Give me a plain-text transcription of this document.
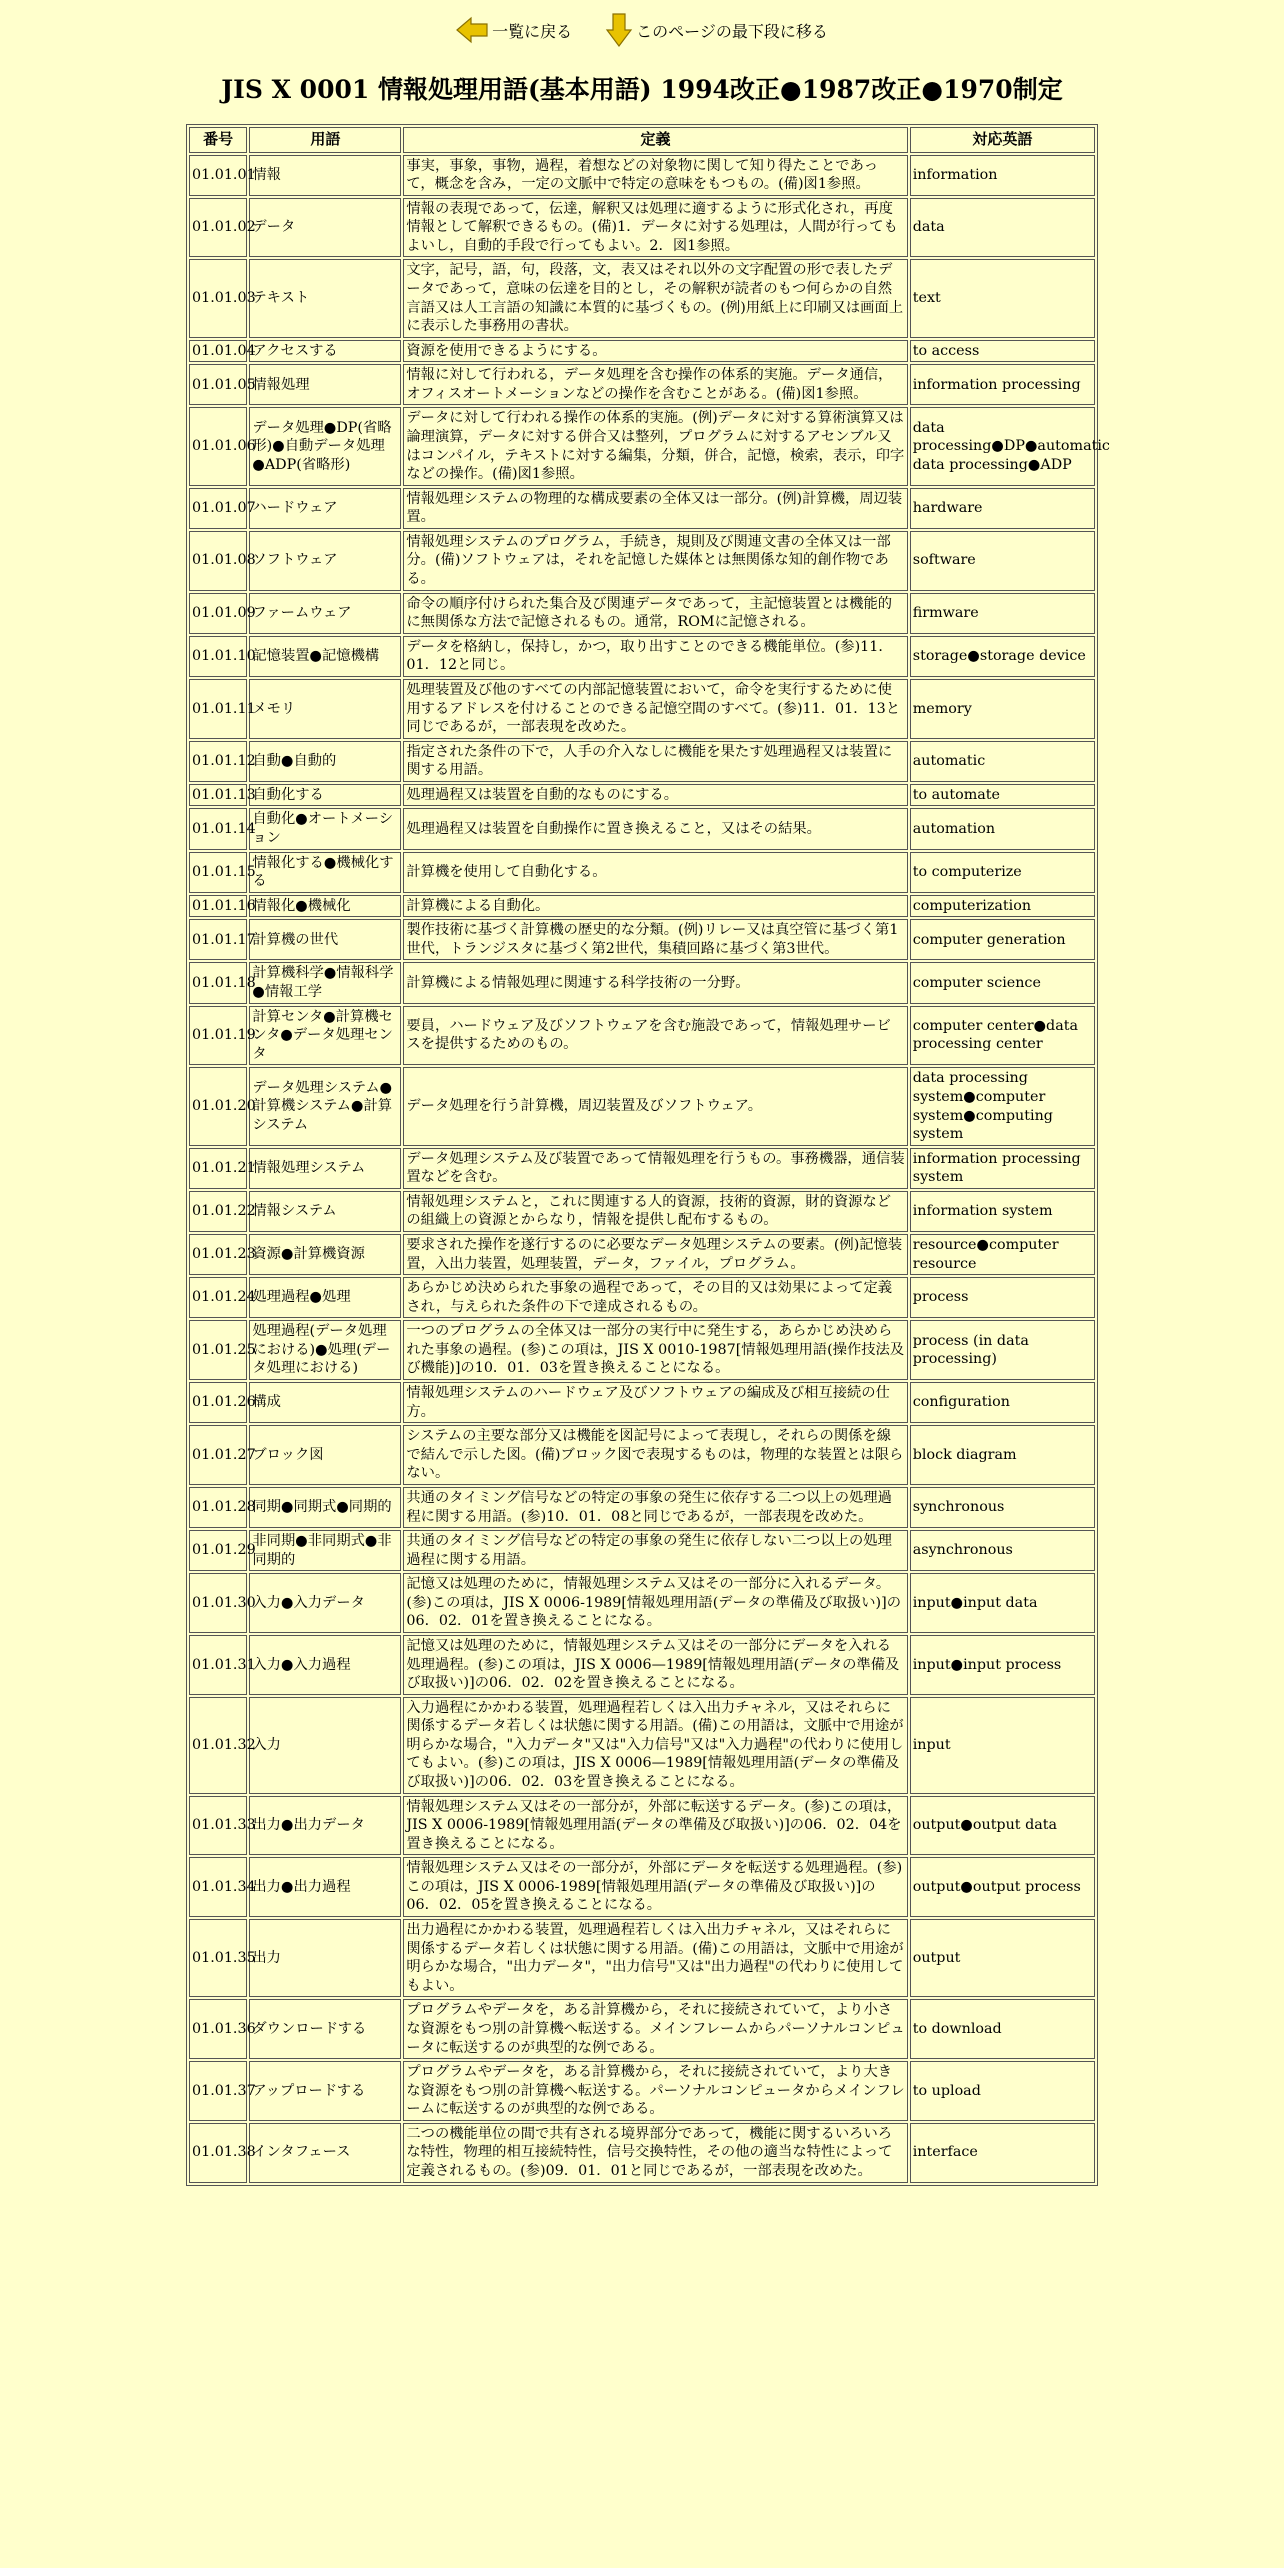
一覧に戻る	このページの最下段に移る
JIS X 0001 情報処理用語(基本用語) 1994改正●1987改正●1970制定
番号	用語	定義	対応英語
01.01.01	情報	事実，事象，事物，過程，着想などの対象物に関して知り得たことであって，概念を含み，一定の文脈中で特定の意味をもつもの。(備)図1参照。	information
01.01.02	データ	情報の表現であって，伝達，解釈又は処理に適するように形式化され，再度情報として解釈できるもの。(備)1．データに対する処理は，人間が行ってもよいし，自動的手段で行ってもよい。2．図1参照。	data
01.01.03	テキスト	文字，記号，語，句，段落，文，表又はそれ以外の文字配置の形で表したデータであって，意味の伝達を目的とし，その解釈が読者のもつ何らかの自然言語又は人工言語の知識に本質的に基づくもの。(例)用紙上に印刷又は画面上に表示した事務用の書状。	text
01.01.04	アクセスする	資源を使用できるようにする。	to access
01.01.05	情報処理	情報に対して行われる，データ処理を含む操作の体系的実施。データ通信，オフィスオートメーションなどの操作を含むことがある。(備)図1参照。	information processing
01.01.06	データ処理●DP(省略形)●自動データ処理●ADP(省略形)	データに対して行われる操作の体系的実施。(例)データに対する算術演算又は論理演算，データに対する併合又は整列，プログラムに対するアセンブル又はコンパイル，テキストに対する編集，分類，併合，記憶，検索，表示，印字などの操作。(備)図1参照。	data processing●DP●automatic data processing●ADP
01.01.07	ハードウェア	情報処理システムの物理的な構成要素の全体又は一部分。(例)計算機，周辺装置。	hardware
01.01.08	ソフトウェア	情報処理システムのプログラム，手続き，規則及び関連文書の全体又は一部分。(備)ソフトウェアは，それを記憶した媒体とは無関係な知的創作物である。	software
01.01.09	ファームウェア	命令の順序付けられた集合及び関連データであって，主記憶装置とは機能的に無関係な方法で記憶されるもの。通常，ROMに記憶される。	firmware
01.01.10	記憶装置●記憶機構	データを格納し，保持し，かつ，取り出すことのできる機能単位。(参)11．01．12と同じ。	storage●storage device
01.01.11	メモリ	処理装置及び他のすべての内部記憶装置において，命令を実行するために使用するアドレスを付けることのできる記憶空間のすべて。(参)11．01．13と同じであるが，一部表現を改めた。	memory
01.01.12	自動●自動的	指定された条件の下で，人手の介入なしに機能を果たす処理過程又は装置に関する用語。	automatic
01.01.13	自動化する	処理過程又は装置を自動的なものにする。	to automate
01.01.14	自動化●オートメーション	処理過程又は装置を自動操作に置き換えること，又はその結果。	automation
01.01.15	情報化する●機械化する	計算機を使用して自動化する。	to computerize
01.01.16	情報化●機械化	計算機による自動化。	computerization
01.01.17	計算機の世代	製作技術に基づく計算機の歴史的な分類。(例)リレー又は真空管に基づく第1世代，トランジスタに基づく第2世代，集積回路に基づく第3世代。	computer generation
01.01.18	計算機科学●情報科学●情報工学	計算機による情報処理に関連する科学技術の一分野。	computer science
01.01.19	計算センタ●計算機センタ●データ処理センタ	要員，ハードウェア及びソフトウェアを含む施設であって，情報処理サービスを提供するためのもの。	computer center●data processing center
01.01.20	データ処理システム●計算機システム●計算システム	データ処理を行う計算機，周辺装置及びソフトウェア。	data processing system●computer system●computing system
01.01.21	情報処理システム	データ処理システム及び装置であって情報処理を行うもの。事務機器，通信装置などを含む。	information processing system
01.01.22	情報システム	情報処理システムと，これに関連する人的資源，技術的資源，財的資源などの組織上の資源とからなり，情報を提供し配布するもの。	information system
01.01.23	資源●計算機資源	要求された操作を遂行するのに必要なデータ処理システムの要素。(例)記憶装置，入出力装置，処理装置，データ，ファイル，プログラム。	resource●computer resource
01.01.24	処理過程●処理	あらかじめ決められた事象の過程であって，その目的又は効果によって定義され，与えられた条件の下で達成されるもの。	process
01.01.25	処理過程(データ処理における)●処理(データ処理における)	一つのプログラムの全体又は一部分の実行中に発生する，あらかじめ決められた事象の過程。(参)この項は，JIS X 0010-1987[情報処理用語(操作技法及び機能)]の10．01．03を置き換えることになる。	process (in data processing)
01.01.26	構成	情報処理システムのハードウェア及びソフトウェアの編成及び相互接続の仕方。	configuration
01.01.27	ブロック図	システムの主要な部分又は機能を図記号によって表現し，それらの関係を線で結んで示した図。(備)ブロック図で表現するものは，物理的な装置とは限らない。	block diagram
01.01.28	同期●同期式●同期的	共通のタイミング信号などの特定の事象の発生に依存する二つ以上の処理過程に関する用語。(参)10．01．08と同じであるが，一部表現を改めた。	synchronous
01.01.29	非同期●非同期式●非同期的	共通のタイミング信号などの特定の事象の発生に依存しない二つ以上の処理過程に関する用語。	asynchronous
01.01.30	入力●入力データ	記憶又は処理のために，情報処理システム又はその一部分に入れるデータ。(参)この項は，JIS X 0006-1989[情報処理用語(データの準備及び取扱い)]の06．02．01を置き換えることになる。	input●input data
01.01.31	入力●入力過程	記憶又は処理のために，情報処理システム又はその一部分にデータを入れる処理過程。(参)この項は，JIS X 0006—1989[情報処理用語(データの準備及び取扱い)]の06．02．02を置き換えることになる。	input●input process
01.01.32	入力	入力過程にかかわる装置，処理過程若しくは入出力チャネル，又はそれらに関係するデータ若しくは状態に関する用語。(備)この用語は，文脈中で用途が明らかな場合，"入力データ"又は"入力信号"又は"入力過程"の代わりに使用してもよい。(参)この項は，JIS X 0006—1989[情報処理用語(データの準備及び取扱い)]の06．02．03を置き換えることになる。	input
01.01.33	出力●出力データ	情報処理システム又はその一部分が，外部に転送するデータ。(参)この項は，JIS X 0006-1989[情報処理用語(データの準備及び取扱い)]の06．02．04を置き換えることになる。	output●output data
01.01.34	出力●出力過程	情報処理システム又はその一部分が，外部にデータを転送する処理過程。(参)この項は，JIS X 0006-1989[情報処理用語(データの準備及び取扱い)]の06．02．05を置き換えることになる。	output●output process
01.01.35	出力	出力過程にかかわる装置，処理過程若しくは入出力チャネル，又はそれらに関係するデータ若しくは状態に関する用語。(備)この用語は，文脈中で用途が明らかな場合，"出力データ"，"出力信号"又は"出力過程"の代わりに使用してもよい。	output
01.01.36	ダウンロードする	プログラムやデータを，ある計算機から，それに接続されていて，より小さな資源をもつ別の計算機へ転送する。メインフレームからパーソナルコンピュータに転送するのが典型的な例である。	to download
01.01.37	アップロードする	プログラムやデータを，ある計算機から，それに接続されていて，より大きな資源をもつ別の計算機へ転送する。パーソナルコンピュータからメインフレームに転送するのが典型的な例である。	to upload
01.01.38	インタフェース	二つの機能単位の間で共有される境界部分であって，機能に関するいろいろな特性，物理的相互接続特性，信号交換特性，その他の適当な特性によって定義されるもの。(参)09．01．01と同じであるが，一部表現を改めた。	interface
